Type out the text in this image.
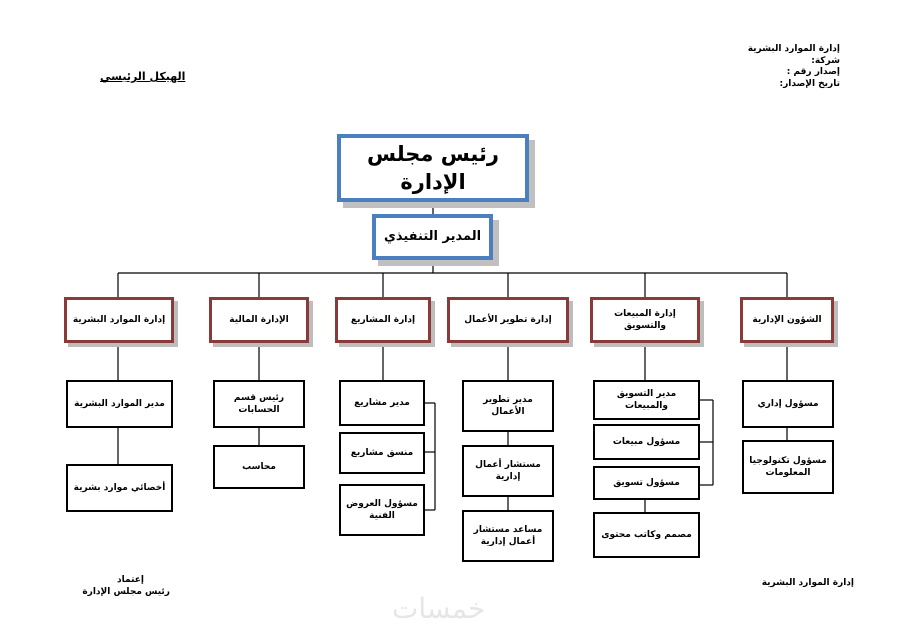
إدارة الموارد البشرية
شركة:
إصدار رقم :
تاريخ الإصدار:
الهيكل الرئيسي
رئيس مجلس الإدارة
المدير التنفيذي
إدارة الموارد البشرية	الإدارة المالية	إدارة المشاريع	إدارة تطوير الأعمال
إدارة المبيعات والتسويق
الشؤون الإدارية
مدير الموارد البشرية
أخصائي موارد بشرية
رئيس قسم الحسابات
محاسب
مدير مشاريع
منسق مشاريع
مسؤول العروض الفنية
مدير تطوير الأعمال
مستشار أعمال إدارية
مساعد مستشار أعمال إدارية
مدير التسويق والمبيعات
مسؤول مبيعات
مسؤول تسويق
مصمم وكاتب محتوى
مسؤول إداري
مسؤول تكنولوجيا المعلومات
إعتماد
رئيس مجلس الإدارة
إدارة الموارد البشرية
خمسات
